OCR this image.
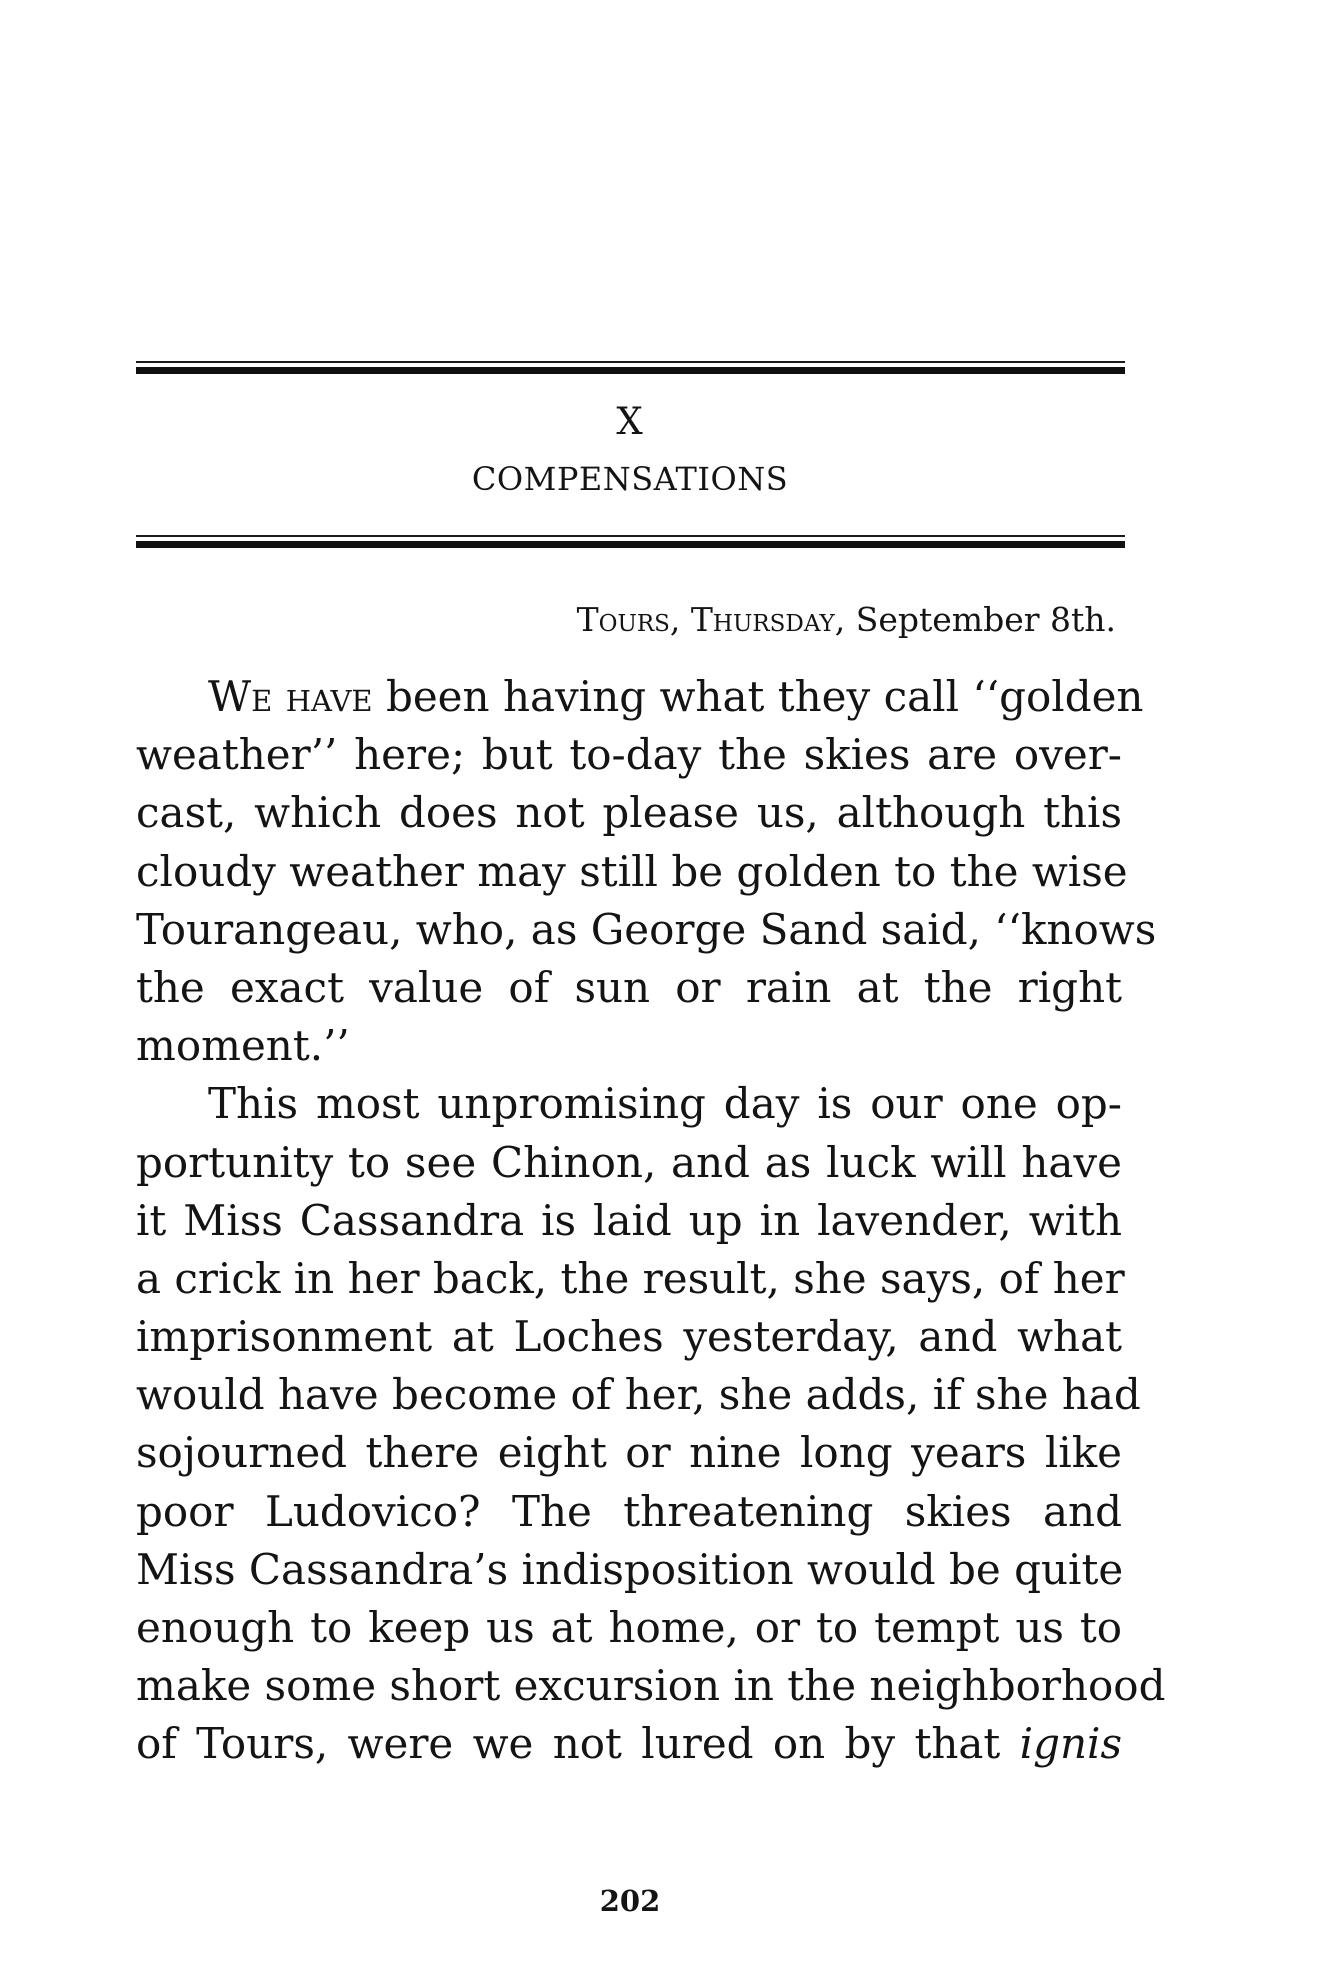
X
COMPENSATIONS
Tours, Thursday, September 8th.
We have been having what they call ‘‘golden
weather’’ here; but to-day the skies are over-
cast, which does not please us, although this
cloudy weather may still be golden to the wise
Tourangeau, who, as George Sand said, ‘‘knows
the exact value of sun or rain at the right
moment.’’
This most unpromising day is our one op-
portunity to see Chinon, and as luck will have
it Miss Cassandra is laid up in lavender, with
a crick in her back, the result, she says, of her
imprisonment at Loches yesterday, and what
would have become of her, she adds, if she had
sojourned there eight or nine long years like
poor Ludovico? The threatening skies and
Miss Cassandra’s indisposition would be quite
enough to keep us at home, or to tempt us to
make some short excursion in the neighborhood
of Tours, were we not lured on by that ignis
202
